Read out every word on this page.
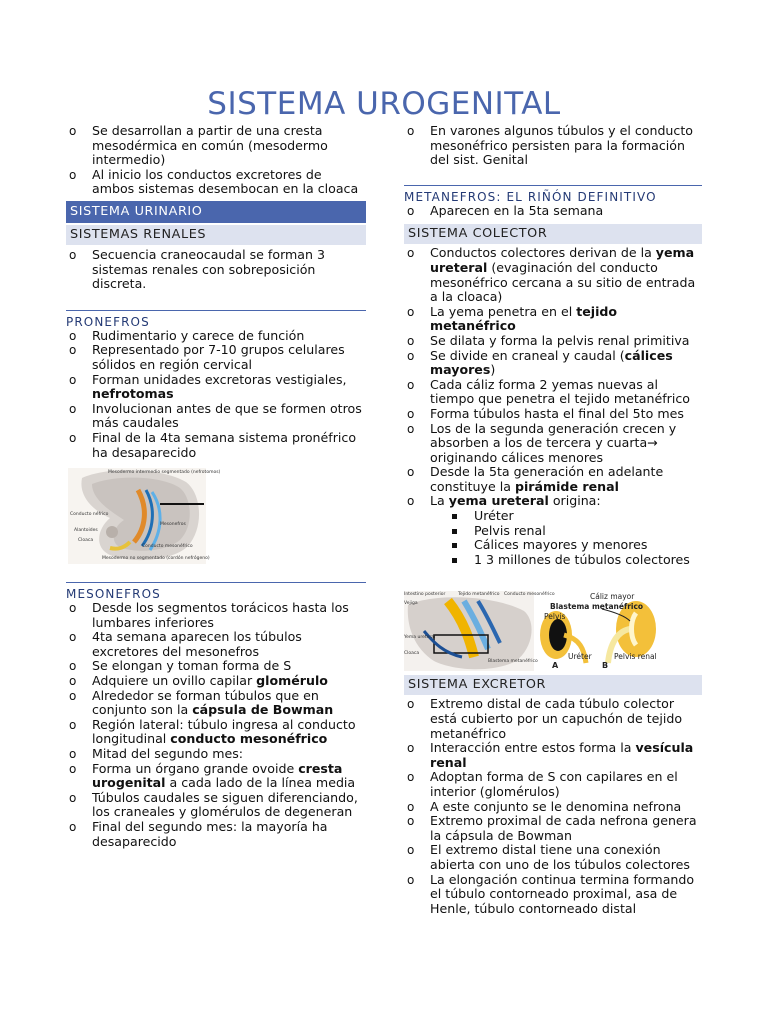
SISTEMA UROGENITAL
o Se desarrollan a partir de una cresta mesodérmica en común (mesodermo intermedio)
o Al inicio los conductos excretores de ambos sistemas desembocan en la cloaca
SISTEMA URINARIO
SISTEMAS RENALES
o Secuencia craneocaudal se forman 3 sistemas renales con sobreposición discreta.
PRONEFROS
o Rudimentario y carece de función
o Representado por 7-10 grupos celulares sólidos en región cervical
o Forman unidades excretoras vestigiales, nefrotomas
o Involucionan antes de que se formen otros más caudales
o Final de la 4ta semana sistema pronéfrico ha desaparecido
Mesodermo intermedio segmentado (nefrotomos)
Conducto néfrico
Alantoides
Cloaca
Mesonefros
Conducto mesonéfrico
Mesodermo no segmentado (cordón nefrógeno)
MESONEFROS
o Desde los segmentos torácicos hasta los lumbares inferiores
o 4ta semana aparecen los túbulos excretores del mesonefros
o Se elongan y toman forma de S
o Adquiere un ovillo capilar glomérulo
o Alrededor se forman túbulos que en conjunto son la cápsula de Bowman
o Región lateral: túbulo ingresa al conducto longitudinal conducto mesonéfrico
o Mitad del segundo mes:
o Forma un órgano grande ovoide cresta urogenital a cada lado de la línea media
o Túbulos caudales se siguen diferenciando, los craneales y glomérulos de degeneran
o Final del segundo mes: la mayoría ha desaparecido
o En varones algunos túbulos y el conducto mesonéfrico persisten para la formación del sist. Genital
METANEFROS: EL RIÑÓN DEFINITIVO
o Aparecen en la 5ta semana
SISTEMA COLECTOR
o Conductos colectores derivan de la yema ureteral (evaginación del conducto mesonéfrico cercana a su sitio de entrada a la cloaca)
o La yema penetra en el tejido metanéfrico
o Se dilata y forma la pelvis renal primitiva
o Se divide en craneal y caudal (cálices mayores)
o Cada cáliz forma 2 yemas nuevas al tiempo que penetra el tejido metanéfrico
o Forma túbulos hasta el final del 5to mes
o Los de la segunda generación crecen y absorben a los de tercera y cuarta→ originando cálices menores
o Desde la 5ta generación en adelante constituye la pirámide renal
o La yema ureteral origina:
Uréter
Pelvis renal
Cálices mayores y menores
1 3 millones de túbulos colectores
Intestino posterior	Tejido metanéfrico Conducto mesonéfrico
Vejiga
Yema ureteral
Cloaca
Blastema metanéfrico
Cáliz mayor
Blastema metanéfrico
Pelvis
Uréter	Pelvis renal
A	B
SISTEMA EXCRETOR
o Extremo distal de cada túbulo colector está cubierto por un capuchón de tejido metanéfrico
o Interacción entre estos forma la vesícula renal
o Adoptan forma de S con capilares en el interior (glomérulos)
o A este conjunto se le denomina nefrona
o Extremo proximal de cada nefrona genera la cápsula de Bowman
o El extremo distal tiene una conexión abierta con uno de los túbulos colectores
o La elongación continua termina formando el túbulo contorneado proximal, asa de Henle, túbulo contorneado distal
